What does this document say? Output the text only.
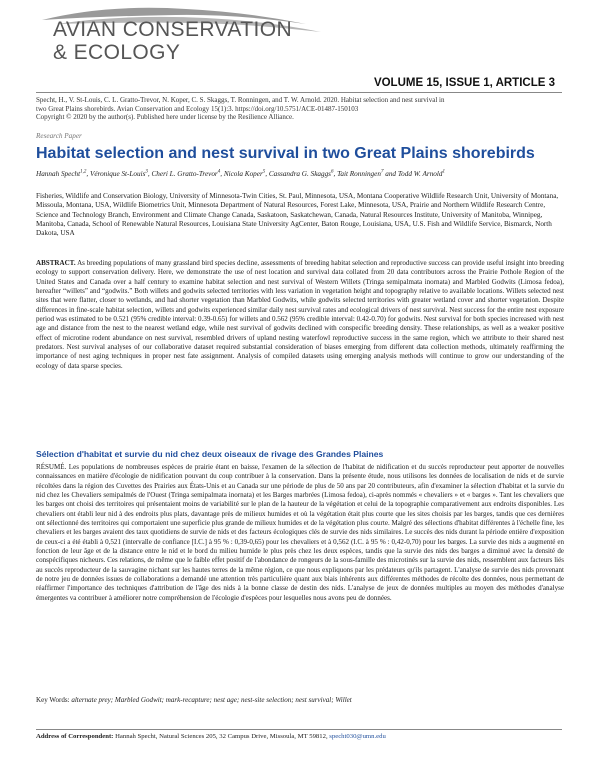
AVIAN CONSERVATION
& ECOLOGY
VOLUME 15, ISSUE 1, ARTICLE 3
Specht, H., V. St-Louis, C. L. Gratto-Trevor, N. Koper, C. S. Skaggs, T. Ronningen, and T. W. Arnold. 2020. Habitat selection and nest survival in
two Great Plains shorebirds. Avian Conservation and Ecology 15(1):3. https://doi.org/10.5751/ACE-01487-150103
Copyright © 2020 by the author(s). Published here under license by the Resilience Alliance.
Research Paper
Habitat selection and nest survival in two Great Plains shorebirds
Hannah Specht$^{1,2}$, Véronique St-Louis$^3$, Cheri L. Gratto-Trevor$^4$, Nicola Koper$^5$, Cassandra G. Skaggs$^6$, Tait Ronningen$^7$ and Todd W. Arnold$^1$
Fisheries, Wildlife and Conservation Biology, University of Minnesota-Twin Cities, St. Paul, Minnesota, USA, Montana Cooperative Wildlife Research Unit, University of Montana, Missoula, Montana, USA, Wildlife Biometrics Unit, Minnesota Department of Natural Resources, Forest Lake, Minnesota, USA, Prairie and Northern Wildlife Research Centre, Science and Technology Branch, Environment and Climate Change Canada, Saskatoon, Saskatchewan, Canada, Natural Resources Institute, University of Manitoba, Winnipeg, Manitoba, Canada, School of Renewable Natural Resources, Louisiana State University AgCenter, Baton Rouge, Louisiana, USA, U.S. Fish and Wildlife Service, Bismarck, North Dakota, USA
ABSTRACT. As breeding populations of many grassland bird species decline, assessments of breeding habitat selection and reproductive success can provide useful insight into breeding ecology to support conservation delivery. Here, we demonstrate the use of nest location and survival data collated from 20 data contributors across the Prairie Pothole Region of the United States and Canada over a half century to examine habitat selection and nest survival of Western Willets (Tringa semipalmata inornata) and Marbled Godwits (Limosa fedoa), hereafter “willets” and “godwits.” Both willets and godwits selected territories with less variation in vegetation height and topography relative to available locations. Willets selected nest sites that were flatter, closer to wetlands, and had shorter vegetation than Marbled Godwits, while godwits selected territories with greater wetland cover and shorter vegetation. Despite differences in fine-scale habitat selection, willets and godwits experienced similar daily nest survival rates and ecological drivers of nest survival. Nest success for the entire nest exposure period was estimated to be 0.521 (95% credible interval: 0.39-0.65) for willets and 0.562 (95% credible interval: 0.42-0.70) for godwits. Nest survival for both species increased with nest age and distance from the nest to the nearest wetland edge, while nest survival of godwits declined with conspecific breeding density. These relationships, as well as a weaker positive effect of microtine rodent abundance on nest survival, resembled drivers of upland nesting waterfowl reproductive success in the same region, which we attribute to their shared nest predators. Nest survival analyses of our collaborative dataset required substantial consideration of biases emerging from different data collection methods, ultimately reaffirming the importance of nest aging techniques in proper nest fate assignment. Analysis of compiled datasets using emerging analysis methods will continue to grow our understanding of the ecology of data sparse species.
Sélection d'habitat et survie du nid chez deux oiseaux de rivage des Grandes Plaines
RÉSUMÉ. Les populations de nombreuses espèces de prairie étant en baisse, l'examen de la sélection de l'habitat de nidification et du succès reproducteur peut apporter de nouvelles connaissances en matière d'écologie de nidification pouvant du coup contribuer à la conservation. Dans la présente étude, nous utilisons les données de localisation de nids et de survie récoltées dans la région des Cuvettes des Prairies aux États-Unis et au Canada sur une période de plus de 50 ans par 20 contributeurs, afin d'examiner la sélection d'habitat et la survie du nid chez les Chevaliers semipalmés de l'Ouest (Tringa semipalmata inornata) et les Barges marbrées (Limosa fedoa), ci-après nommés « chevaliers » et « barges ». Tant les chevaliers que les barges ont choisi des territoires qui présentaient moins de variabilité sur le plan de la hauteur de la végétation et celui de la topographie comparativement aux endroits disponibles. Les chevaliers ont établi leur nid à des endroits plus plats, davantage près de milieux humides et où la végétation était plus courte que les sites choisis par les barges, tandis que ces dernières ont sélectionné des territoires qui comportaient une superficie plus grande de milieux humides et de la végétation plus courte. Malgré des sélections d'habitat différentes à l'échelle fine, les chevaliers et les barges avaient des taux quotidiens de survie de nids et des facteurs écologiques clés de survie des nids similaires. Le succès des nids durant la période entière d'exposition de ceux-ci a été établi à 0,521 (intervalle de confiance [I.C.] à 95 % : 0,39-0,65) pour les chevaliers et à 0,562 (I.C. à 95 % : 0,42-0,70) pour les barges. La survie des nids a augmenté en fonction de leur âge et de la distance entre le nid et le bord du milieu humide le plus près chez les deux espèces, tandis que la survie des nids des barges a diminué avec la densité de conspécifiques nicheurs. Ces relations, de même que le faible effet positif de l'abondance de rongeurs de la sous-famille des microtinés sur la survie des nids, ressemblent aux facteurs liés au succès reproducteur de la sauvagine nichant sur les hautes terres de la même région, ce que nous expliquons par les prédateurs qu'ils partagent. L'analyse de survie des nids provenant de notre jeu de données issues de collaborations a demandé une attention très particulière quant aux biais inhérents aux différentes méthodes de récolte des données, nous permettant de réaffirmer l'importance des techniques d'attribution de l'âge des nids à la bonne classe de destin des nids. L'analyse de jeux de données multiples au moyen des méthodes d'analyse émergentes va contribuer à améliorer notre compréhension de l'écologie d'espèces pour lesquelles nous avons peu de données.
Key Words: alternate prey; Marbled Godwit; mark-recapture; nest age; nest-site selection; nest survival; Willet
Address of Correspondent: Hannah Specht, Natural Sciences 205, 32 Campus Drive, Missoula, MT 59812, specht030@umn.edu
